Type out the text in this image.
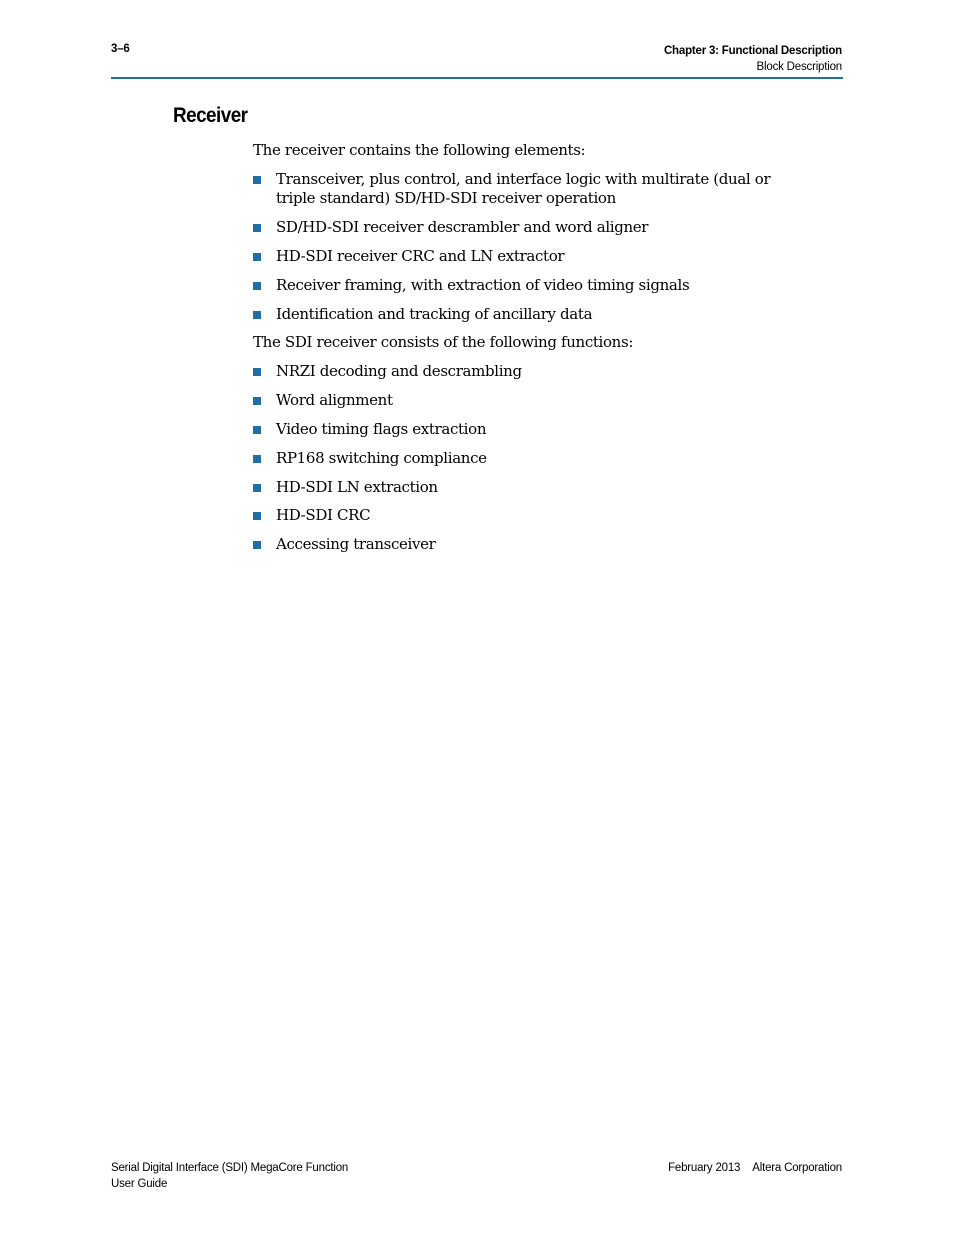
3–6	Chapter 3: Functional Description
Block Description
Receiver

The receiver contains the following elements:

Transceiver, plus control, and interface logic with multirate (dual or triple standard) SD/HD-SDI receiver operation
SD/HD-SDI receiver descrambler and word aligner
HD-SDI receiver CRC and LN extractor
Receiver framing, with extraction of video timing signals
Identification and tracking of ancillary data

The SDI receiver consists of the following functions:

NRZI decoding and descrambling
Word alignment
Video timing flags extraction
RP168 switching compliance
HD-SDI LN extraction
HD-SDI CRC
Accessing transceiver
Serial Digital Interface (SDI) MegaCore Function
User Guide
February 2013 Altera Corporation
